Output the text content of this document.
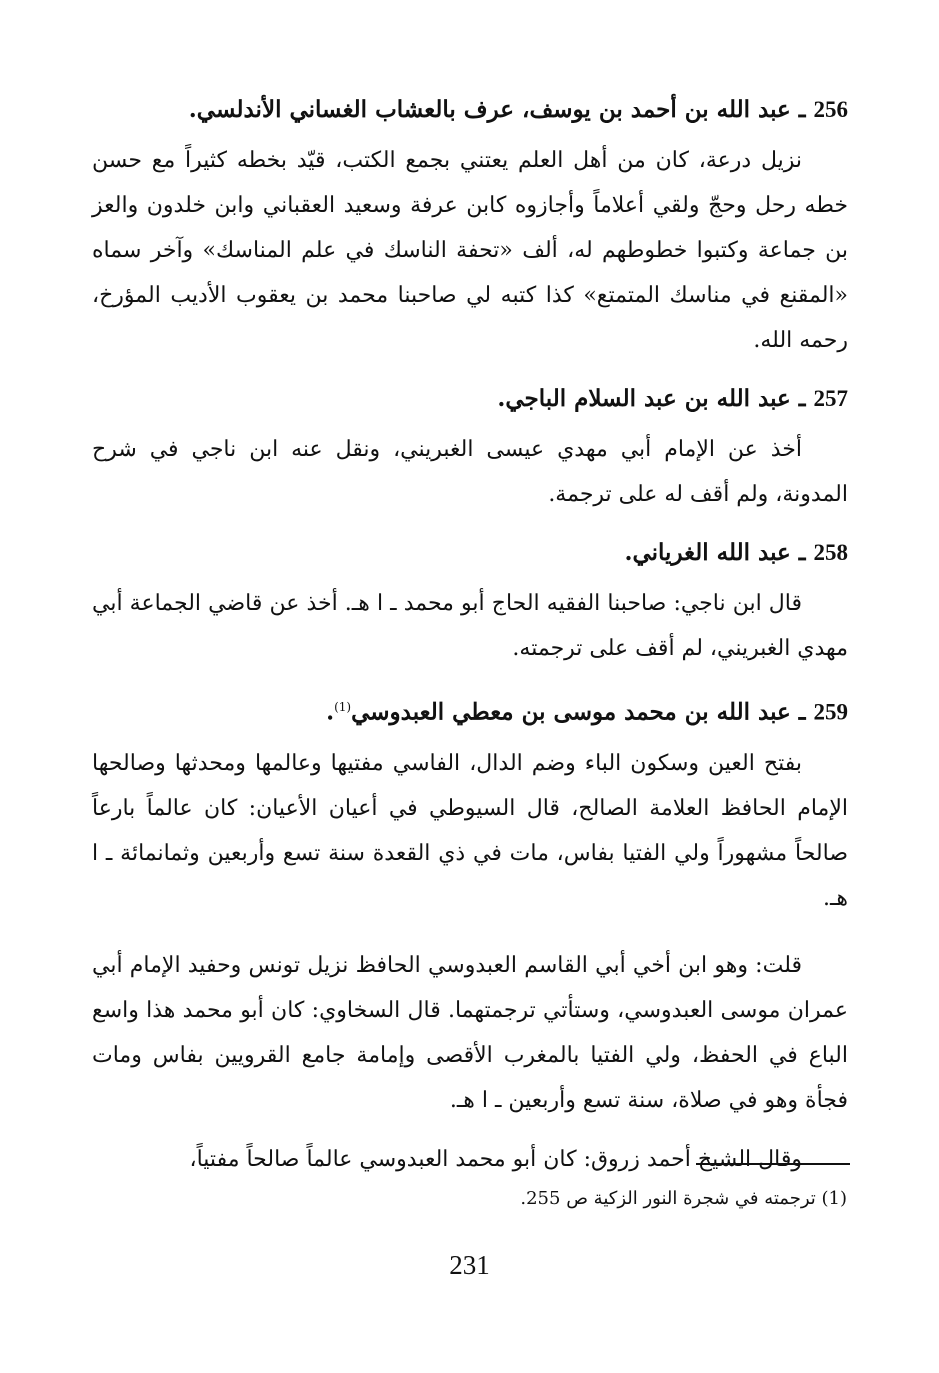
256 ـ عبد الله بن أحمد بن يوسف، عرف بالعشاب الغساني الأندلسي.

نزيل درعة، كان من أهل العلم يعتني بجمع الكتب، قيّد بخطه كثيراً مع حسن خطه رحل وحجّ ولقي أعلاماً وأجازوه كابن عرفة وسعيد العقباني وابن خلدون والعز بن جماعة وكتبوا خطوطهم له، ألف «تحفة الناسك في علم المناسك» وآخر سماه «المقنع في مناسك المتمتع» كذا كتبه لي صاحبنا محمد بن يعقوب الأديب المؤرخ، رحمه الله.

257 ـ عبد الله بن عبد السلام الباجي.

أخذ عن الإمام أبي مهدي عيسى الغبريني، ونقل عنه ابن ناجي في شرح المدونة، ولم أقف له على ترجمة.

258 ـ عبد الله الغرياني.

قال ابن ناجي: صاحبنا الفقيه الحاج أبو محمد ـ ا هـ. أخذ عن قاضي الجماعة أبي مهدي الغبريني، لم أقف على ترجمته.

259 ـ عبد الله بن محمد موسى بن معطي العبدوسي$^{(1)}$.

بفتح العين وسكون الباء وضم الدال، الفاسي مفتيها وعالمها ومحدثها وصالحها الإمام الحافظ العلامة الصالح، قال السيوطي في أعيان الأعيان: كان عالماً بارعاً صالحاً مشهوراً ولي الفتيا بفاس، مات في ذي القعدة سنة تسع وأربعين وثمانمائة ـ ا هـ.

قلت: وهو ابن أخي أبي القاسم العبدوسي الحافظ نزيل تونس وحفيد الإمام أبي عمران موسى العبدوسي، وستأتي ترجمتهما. قال السخاوي: كان أبو محمد هذا واسع الباع في الحفظ، ولي الفتيا بالمغرب الأقصى وإمامة جامع القرويين بفاس ومات فجأة وهو في صلاة، سنة تسع وأربعين ـ ا هـ.

وقال الشيخ أحمد زروق: كان أبو محمد العبدوسي عالماً صالحاً مفتياً،

(1) ترجمته في شجرة النور الزكية ص 255.
231
